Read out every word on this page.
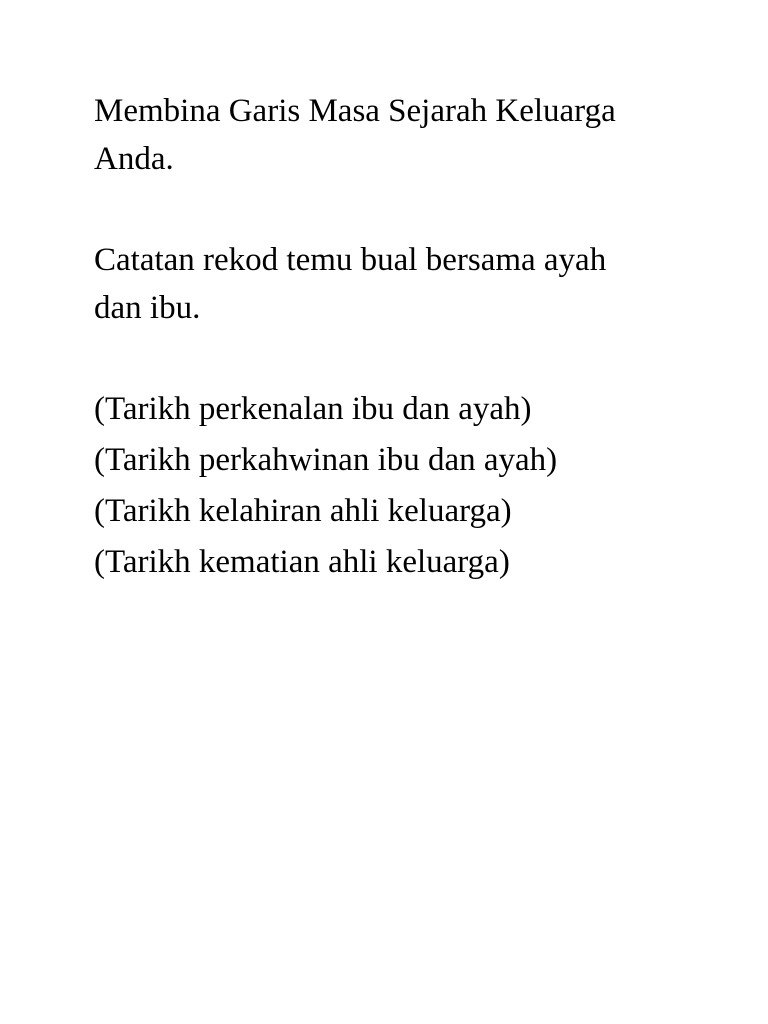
Membina Garis Masa Sejarah Keluarga
Anda.
Catatan rekod temu bual bersama ayah
dan ibu.
(Tarikh perkenalan ibu dan ayah)
(Tarikh perkahwinan ibu dan ayah)
(Tarikh kelahiran ahli keluarga)
(Tarikh kematian ahli keluarga)
